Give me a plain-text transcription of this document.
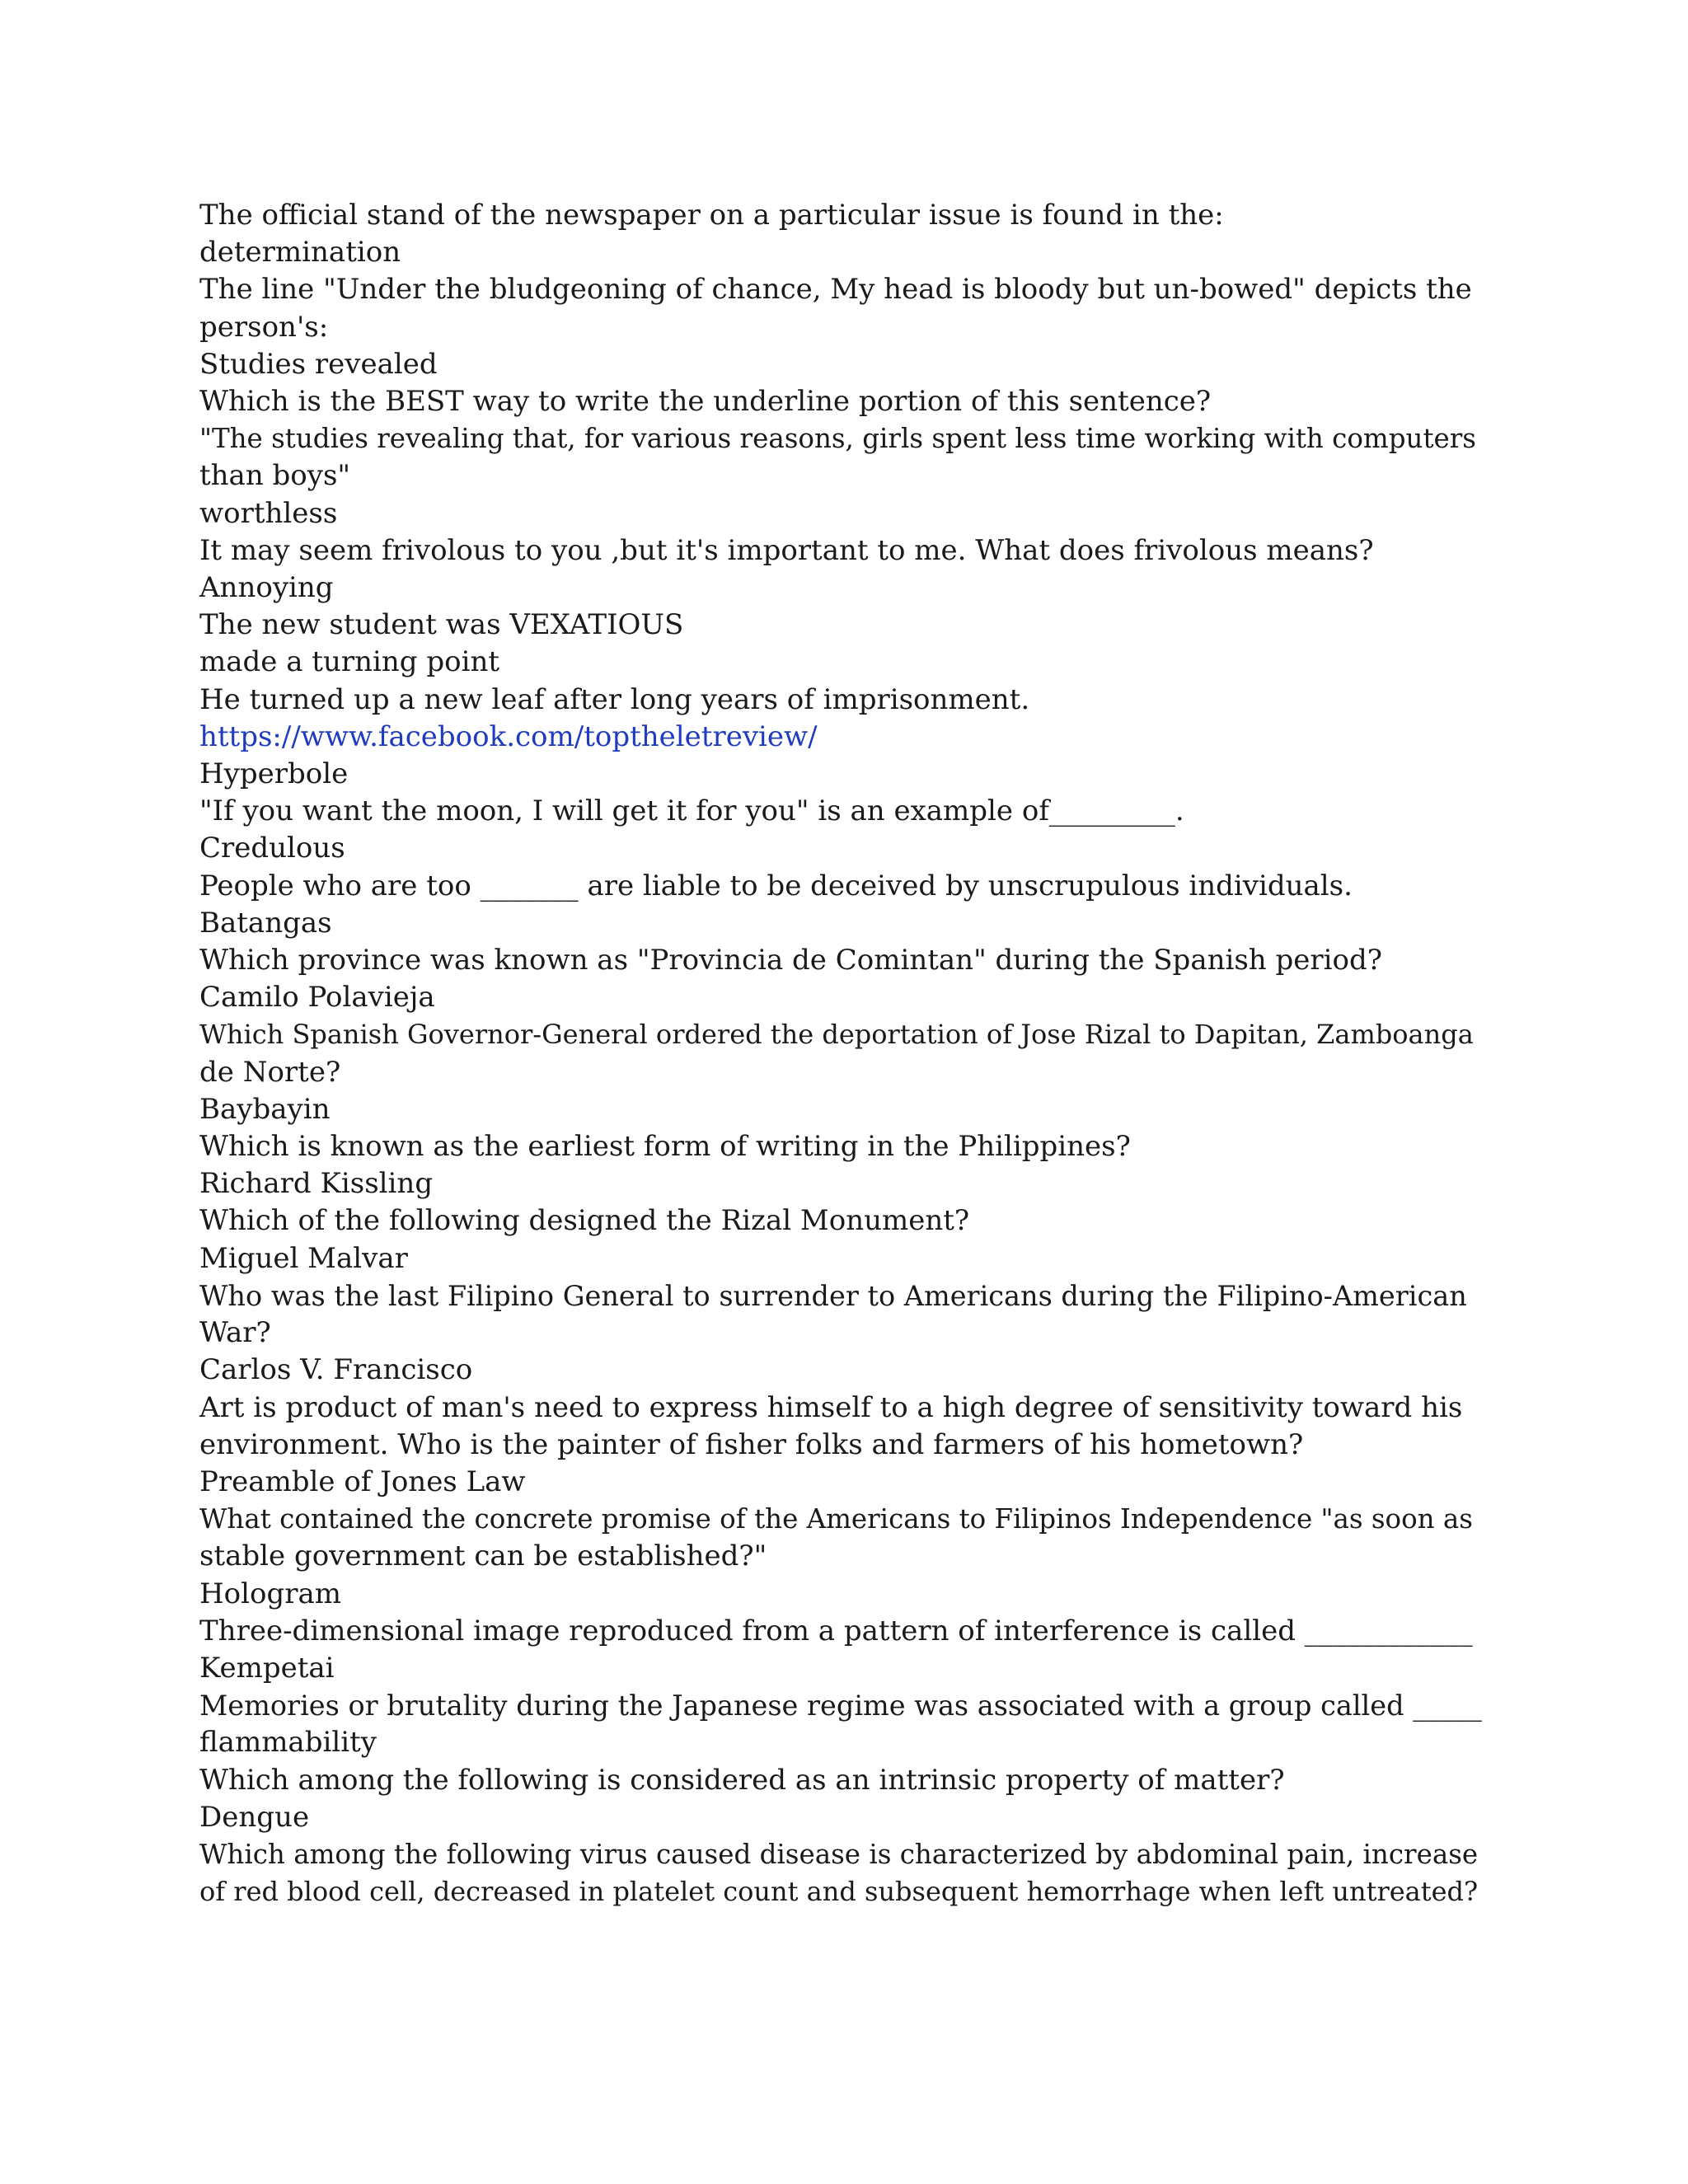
The official stand of the newspaper on a particular issue is found in the:
determination
The line "Under the bludgeoning of chance, My head is bloody but un-bowed" depicts the
person's:
Studies revealed
Which is the BEST way to write the underline portion of this sentence?
"The studies revealing that, for various reasons, girls spent less time working with computers
than boys"
worthless
It may seem frivolous to you ,but it's important to me. What does frivolous means?
Annoying
The new student was VEXATIOUS
made a turning point
He turned up a new leaf after long years of imprisonment.
https://www.facebook.com/toptheletreview/
Hyperbole
"If you want the moon, I will get it for you" is an example of_________.
Credulous
People who are too _______ are liable to be deceived by unscrupulous individuals.
Batangas
Which province was known as "Provincia de Comintan" during the Spanish period?
Camilo Polavieja
Which Spanish Governor-General ordered the deportation of Jose Rizal to Dapitan, Zamboanga
de Norte?
Baybayin
Which is known as the earliest form of writing in the Philippines?
Richard Kissling
Which of the following designed the Rizal Monument?
Miguel Malvar
Who was the last Filipino General to surrender to Americans during the Filipino-American
War?
Carlos V. Francisco
Art is product of man's need to express himself to a high degree of sensitivity toward his
environment. Who is the painter of fisher folks and farmers of his hometown?
Preamble of Jones Law
What contained the concrete promise of the Americans to Filipinos Independence "as soon as
stable government can be established?"
Hologram
Three-dimensional image reproduced from a pattern of interference is called ____________
Kempetai
Memories or brutality during the Japanese regime was associated with a group called _____
flammability
Which among the following is considered as an intrinsic property of matter?
Dengue
Which among the following virus caused disease is characterized by abdominal pain, increase
of red blood cell, decreased in platelet count and subsequent hemorrhage when left untreated?
